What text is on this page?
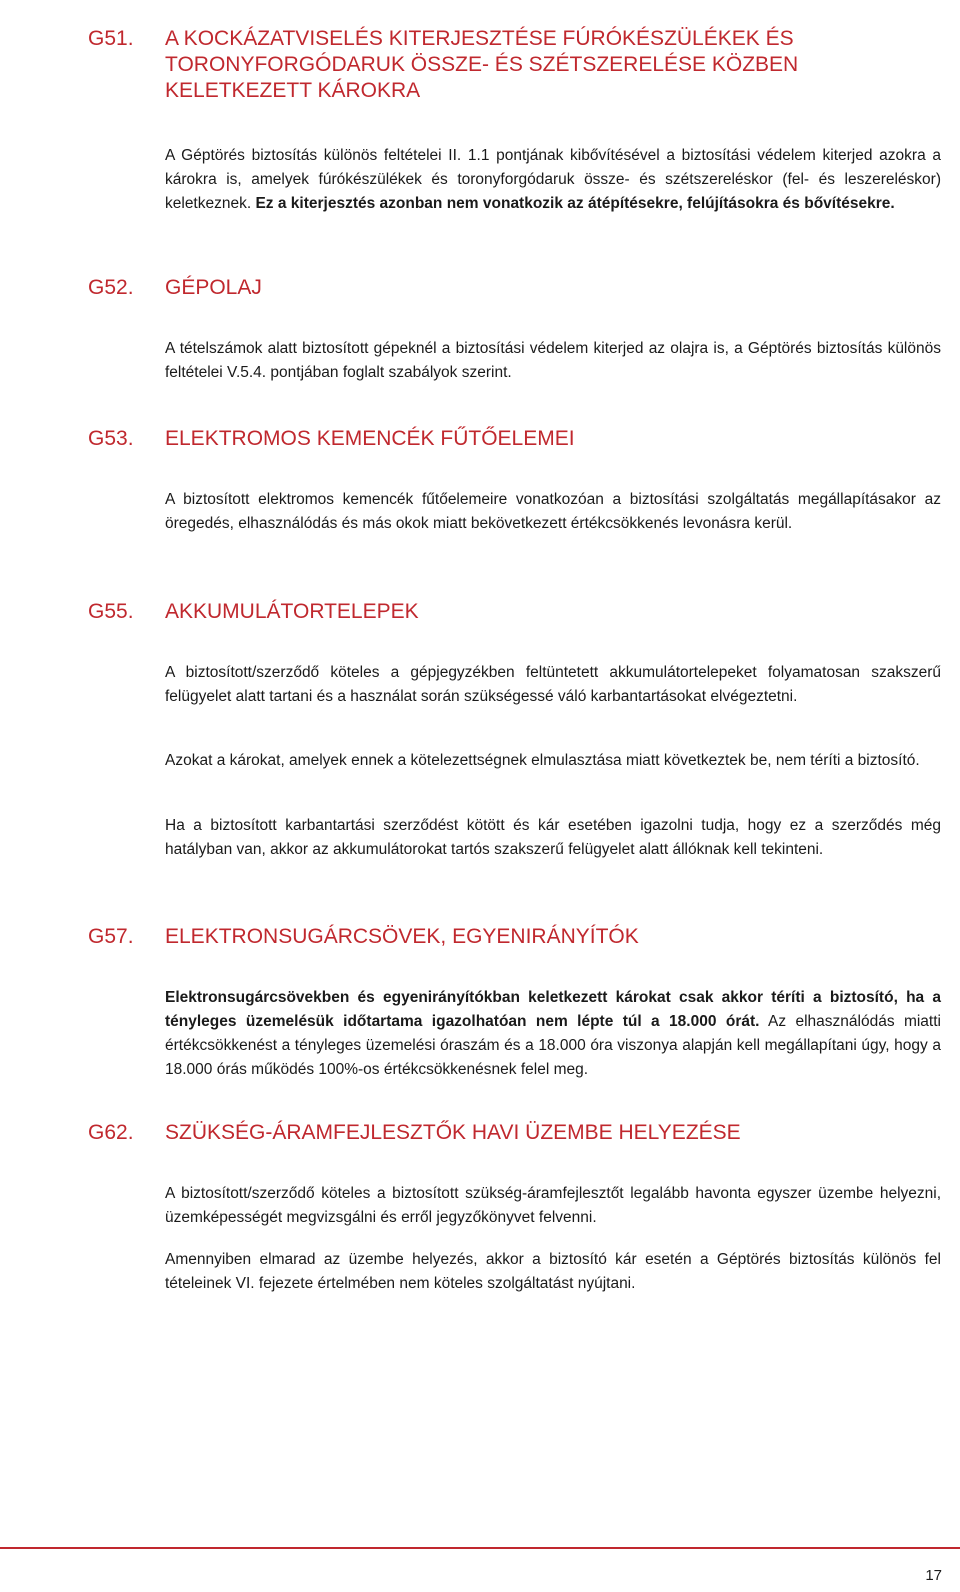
G51.	A KOCKÁZATVISELÉS KITERJESZTÉSE FÚRÓKÉSZÜLÉKEK ÉS TORONYFORGÓDARUK ÖSSZE- ÉS SZÉTSZERELÉSE KÖZBEN KELETKEZETT KÁROKRA
A Géptörés biztosítás különös feltételei II. 1.1 pontjának kibővítésével a biztosítási védelem kiterjed azokra a károkra is, amelyek fúrókészülékek és toronyforgódaruk össze- és szétszereléskor (fel- és leszereléskor) keletkeznek. Ez a kiterjesztés azonban nem vonatkozik az átépítésekre, felújításokra és bővítésekre.
G52.	GÉPOLAJ
A tételszámok alatt biztosított gépeknél a biztosítási védelem kiterjed az olajra is, a Géptörés biztosítás különös feltételei V.5.4. pontjában foglalt szabályok szerint.
G53.	ELEKTROMOS KEMENCÉK FŰTŐELEMEI
A biztosított elektromos kemencék fűtőelemeire vonatkozóan a biztosítási szolgáltatás megállapításakor az öregedés, elhasználódás és más okok miatt bekövetkezett értékcsökkenés levonásra kerül.
G55.	AKKUMULÁTORTELEPEK
A biztosított/szerződő köteles a gépjegyzékben feltüntetett akkumulátortelepeket folyamatosan szakszerű felügyelet alatt tartani és a használat során szükségessé váló karbantartásokat elvégeztetni.
Azokat a károkat, amelyek ennek a kötelezettségnek elmulasztása miatt következtek be, nem téríti a biztosító.
Ha a biztosított karbantartási szerződést kötött és kár esetében igazolni tudja, hogy ez a szerződés még hatályban van, akkor az akkumulátorokat tartós szakszerű felügyelet alatt állóknak kell tekinteni.
G57.	ELEKTRONSUGÁRCSÖVEK, EGYENIRÁNYÍTÓK
Elektronsugárcsövekben és egyenirányítókban keletkezett károkat csak akkor téríti a biztosító, ha a tényleges üzemelésük időtartama igazolhatóan nem lépte túl a 18.000 órát. Az elhasználódás miatti értékcsökkenést a tényleges üzemelési óraszám és a 18.000 óra viszonya alapján kell megállapítani úgy, hogy a 18.000 órás működés 100%-os értékcsökkenésnek felel meg.
G62.	SZÜKSÉG-ÁRAMFEJLESZTŐK HAVI ÜZEMBE HELYEZÉSE
A biztosított/szerződő köteles a biztosított szükség-áramfejlesztőt legalább havonta egyszer üzembe helyezni, üzemképességét megvizsgálni és erről jegyzőkönyvet felvenni.
Amennyiben elmarad az üzembe helyezés, akkor a biztosító kár esetén a Géptörés biztosítás különös fel tételeinek VI. fejezete értelmében nem köteles szolgáltatást nyújtani.
17
